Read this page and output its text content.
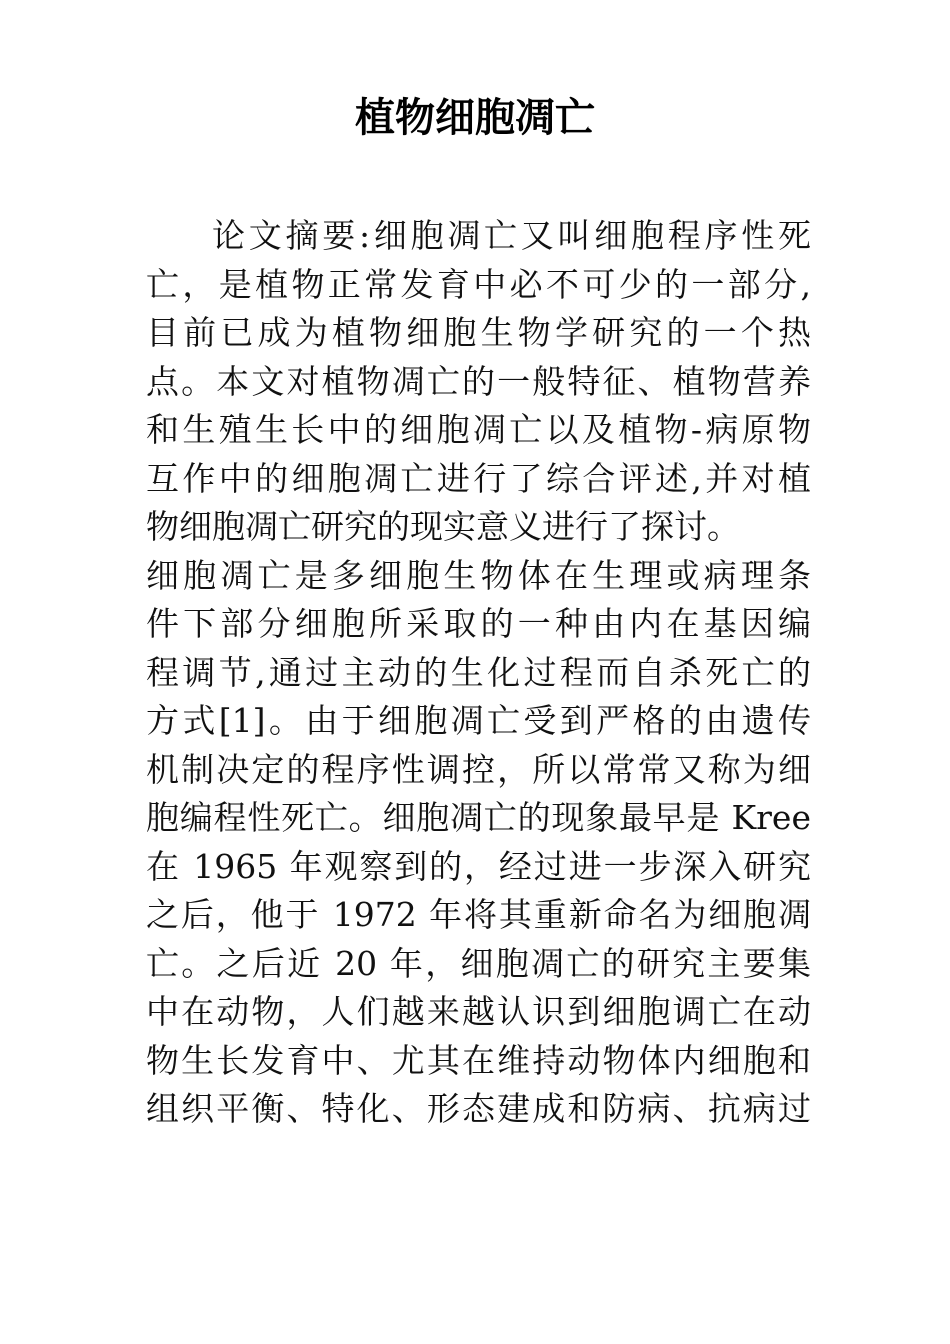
植物细胞凋亡
论文摘要:细胞凋亡又叫细胞程序性死
亡，是植物正常发育中必不可少的一部分,
目前已成为植物细胞生物学研究的一个热
点。本文对植物凋亡的一般特征、植物营养
和生殖生长中的细胞凋亡以及植物-病原物
互作中的细胞凋亡进行了综合评述,并对植
物细胞凋亡研究的现实意义进行了探讨。
细胞凋亡是多细胞生物体在生理或病理条
件下部分细胞所采取的一种由内在基因编
程调节,通过主动的生化过程而自杀死亡的
方式[1]。由于细胞凋亡受到严格的由遗传
机制决定的程序性调控，所以常常又称为细
胞编程性死亡。细胞凋亡的现象最早是 Kree
在 1965 年观察到的，经过进一步深入研究
之后，他于 1972 年将其重新命名为细胞凋
亡。之后近 20 年，细胞凋亡的研究主要集
中在动物，人们越来越认识到细胞调亡在动
物生长发育中、尤其在维持动物体内细胞和
组织平衡、特化、形态建成和防病、抗病过
